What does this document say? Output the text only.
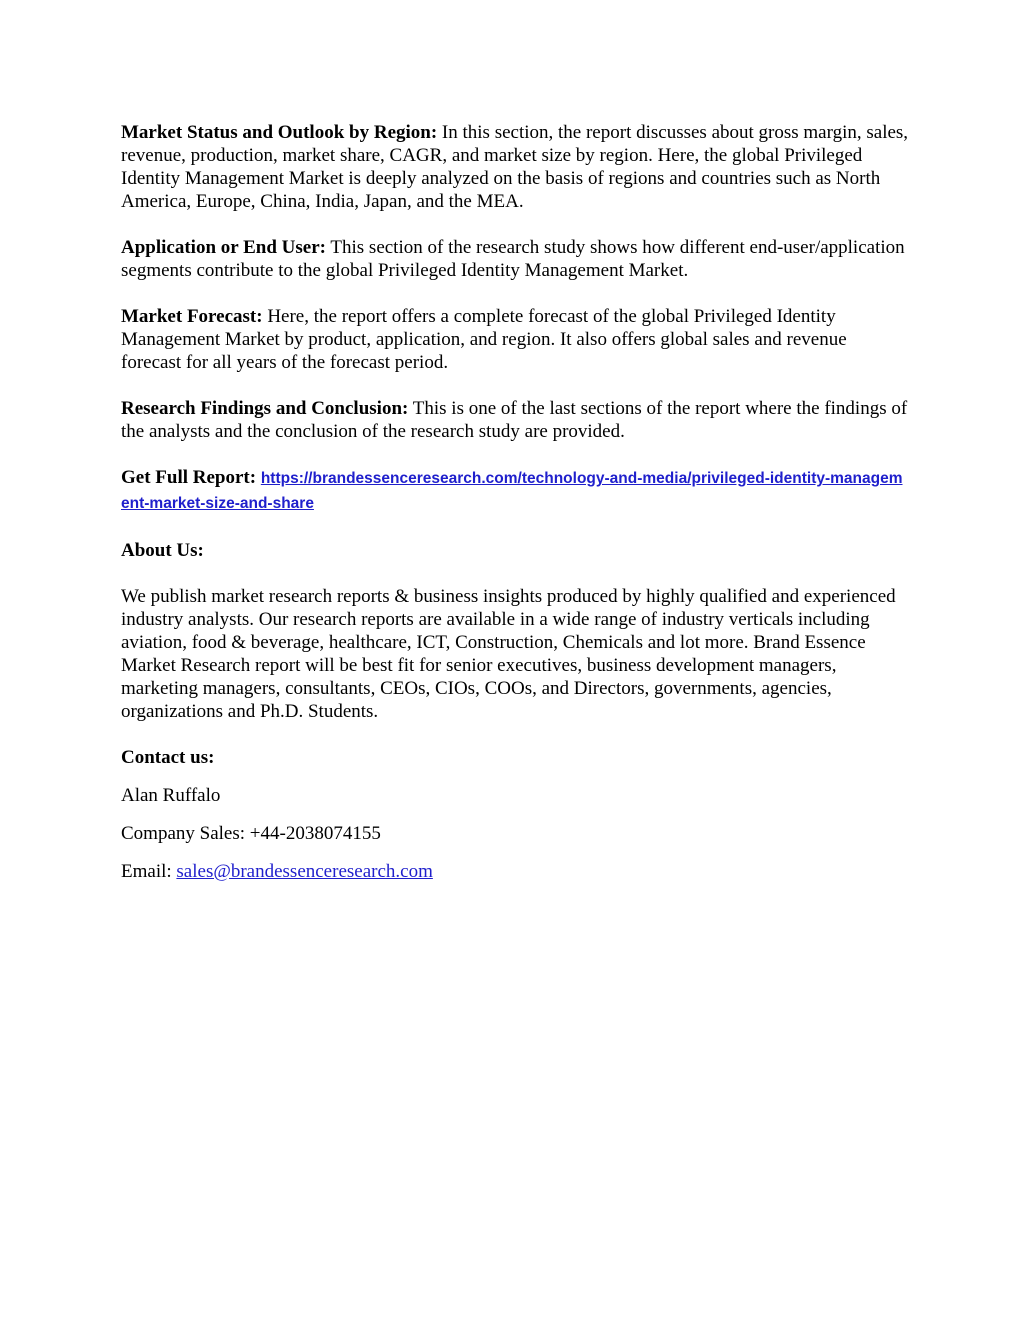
Market Status and Outlook by Region: In this section, the report discusses about gross margin, sales, revenue, production, market share, CAGR, and market size by region. Here, the global Privileged Identity Management Market is deeply analyzed on the basis of regions and countries such as North America, Europe, China, India, Japan, and the MEA.

Application or End User: This section of the research study shows how different end-user/application segments contribute to the global Privileged Identity Management Market.

Market Forecast: Here, the report offers a complete forecast of the global Privileged Identity Management Market by product, application, and region. It also offers global sales and revenue forecast for all years of the forecast period.

Research Findings and Conclusion: This is one of the last sections of the report where the findings of the analysts and the conclusion of the research study are provided.

Get Full Report: https://brandessenceresearch.com/technology-and-media/privileged-identity-management-market-size-and-share

About Us:

We publish market research reports & business insights produced by highly qualified and experienced industry analysts. Our research reports are available in a wide range of industry verticals including aviation, food & beverage, healthcare, ICT, Construction, Chemicals and lot more. Brand Essence Market Research report will be best fit for senior executives, business development managers, marketing managers, consultants, CEOs, CIOs, COOs, and Directors, governments, agencies, organizations and Ph.D. Students.

Contact us:

Alan Ruffalo

Company Sales: +44-2038074155

Email: sales@brandessenceresearch.com
